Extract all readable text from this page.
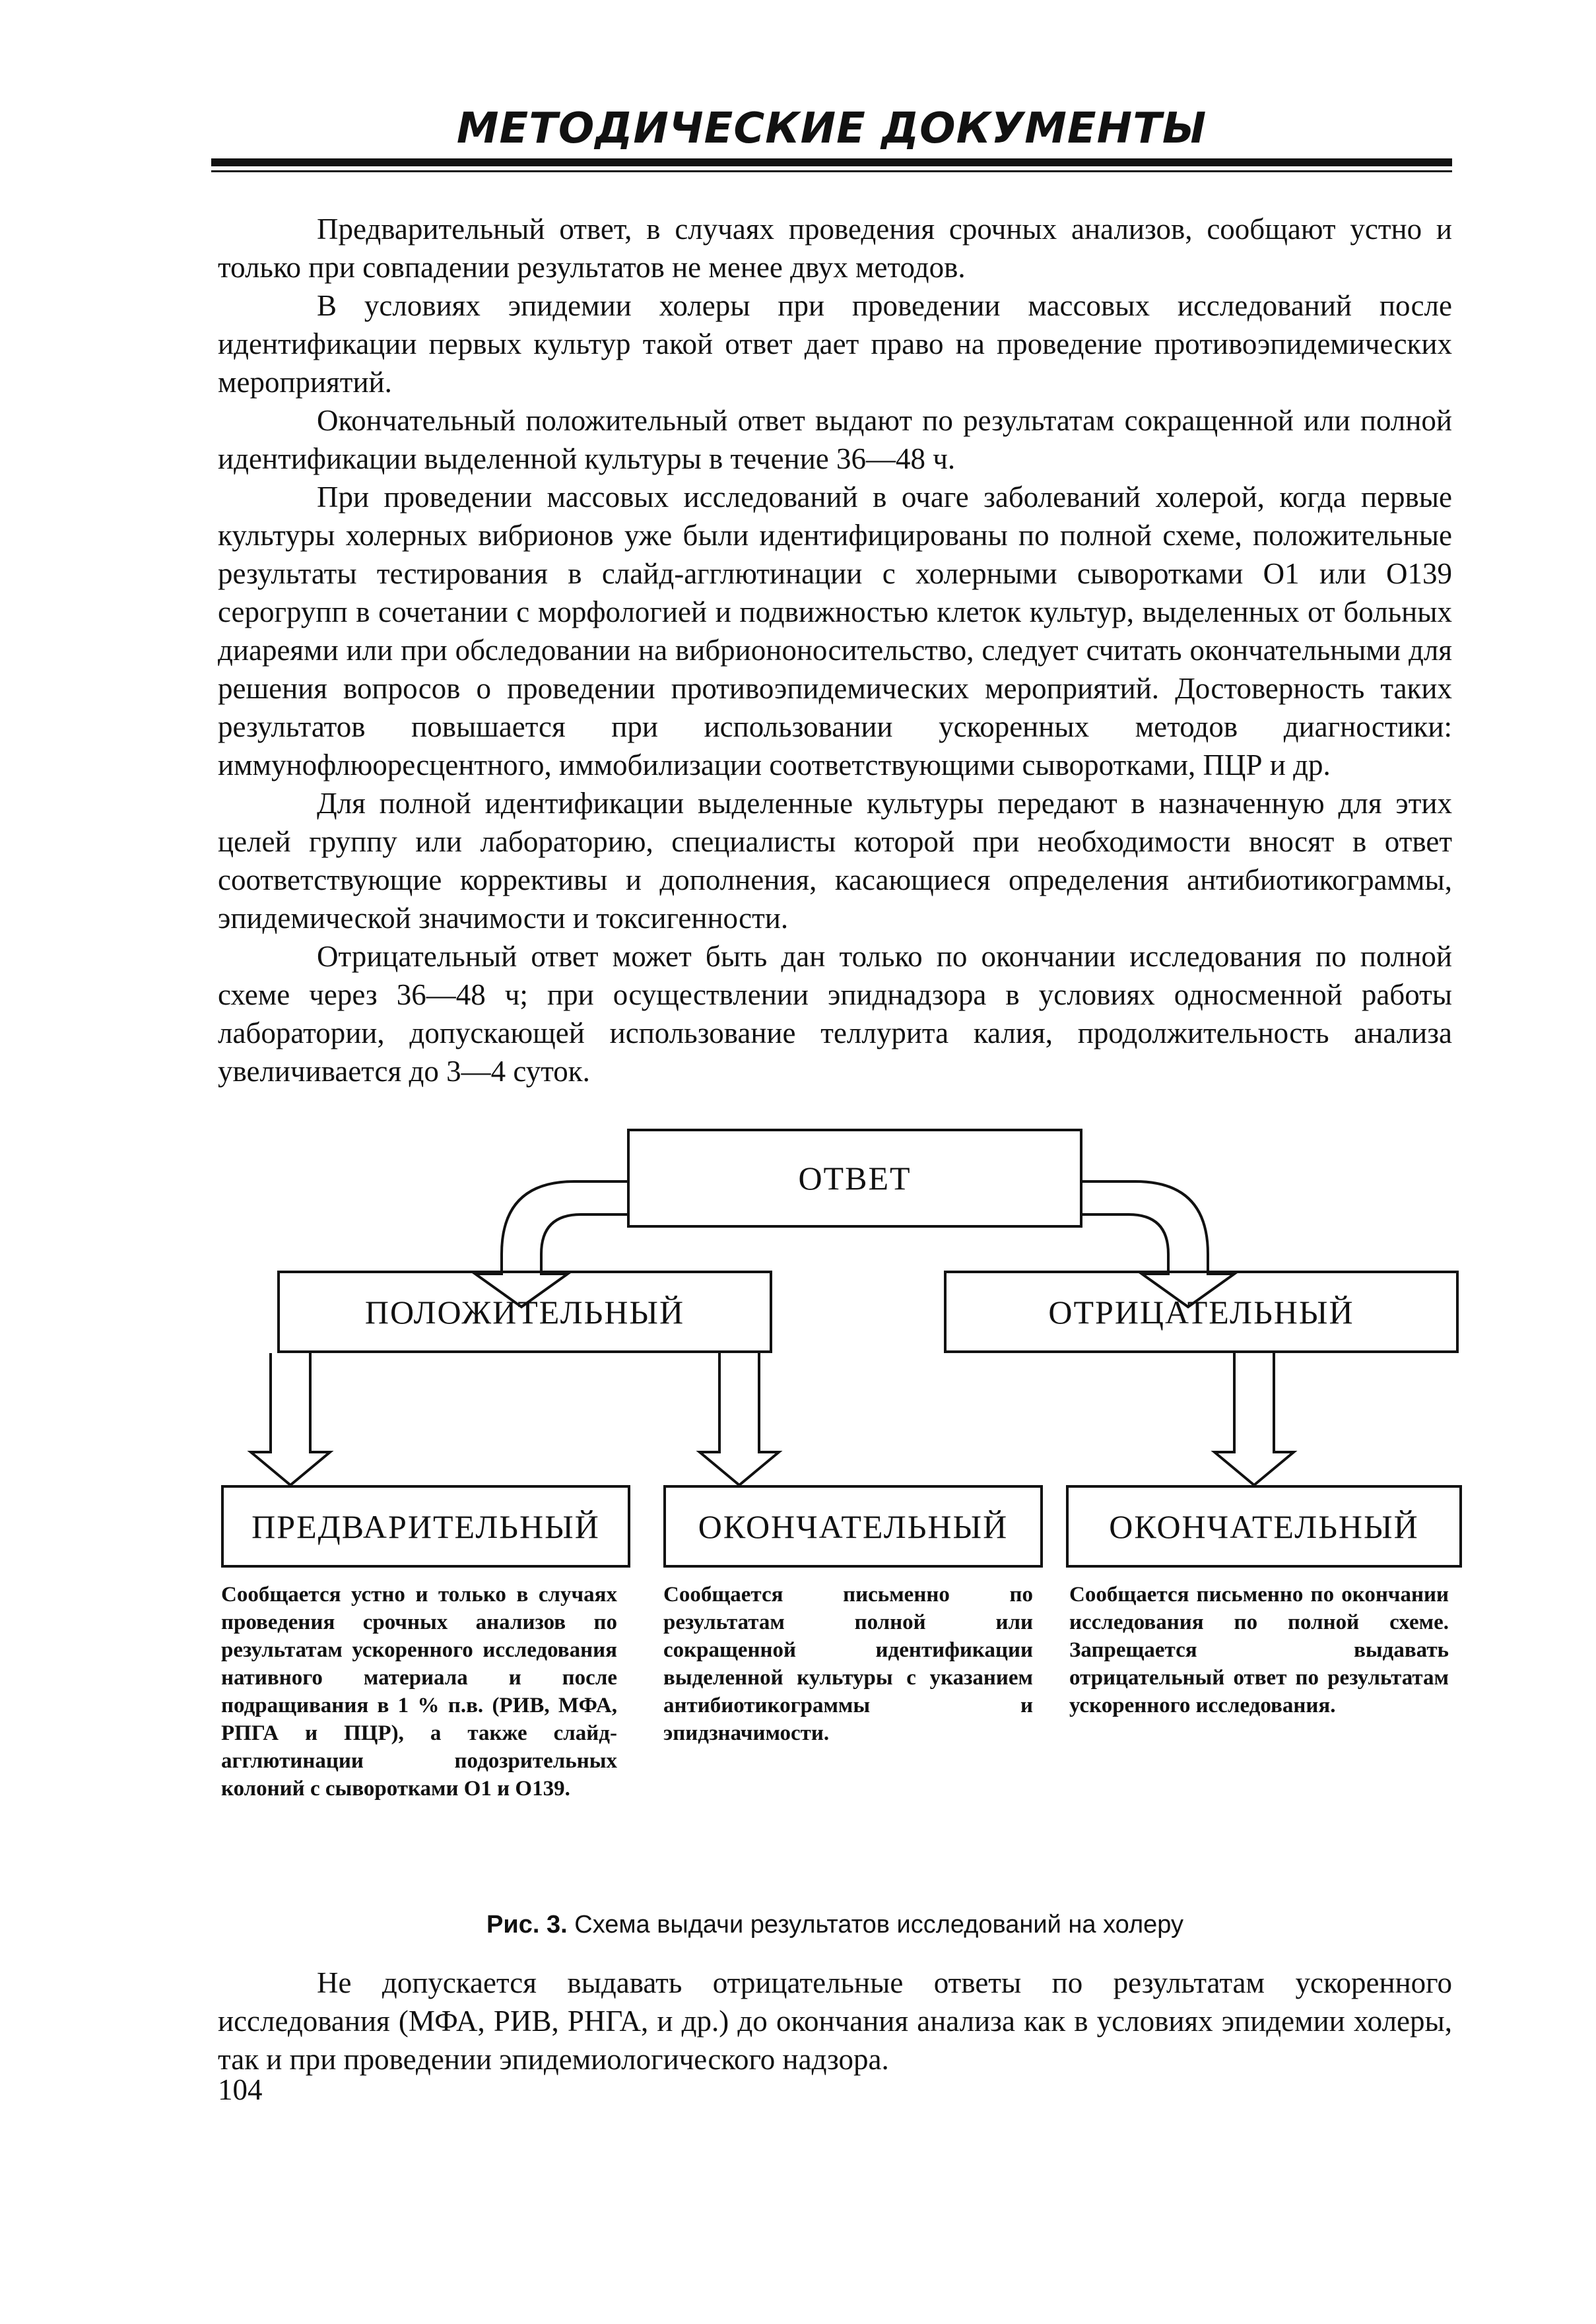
МЕТОДИЧЕСКИЕ ДОКУМЕНТЫ

Предварительный ответ, в случаях проведения срочных анализов, сообщают устно и только при совпадении результатов не менее двух методов.

В условиях эпидемии холеры при проведении массовых исследований после идентификации первых культур такой ответ дает право на проведение противоэпидемических мероприятий.

Окончательный положительный ответ выдают по результатам сокращенной или полной идентификации выделенной культуры в течение 36—48 ч.

При проведении массовых исследований в очаге заболеваний холерой, когда первые культуры холерных вибрионов уже были идентифицированы по полной схеме, положительные результаты тестирования в слайд-агглютинации с холерными сыворотками О1 или О139 серогрупп в сочетании с морфологией и подвижностью клеток культур, выделенных от больных диареями или при обследовании на вибриононосительство, следует считать окончательными для решения вопросов о проведении противоэпидемических мероприятий. Достоверность таких результатов повышается при использовании ускоренных методов диагностики: иммунофлюоресцентного, иммобилизации соответствующими сыворотками, ПЦР и др.

Для полной идентификации выделенные культуры передают в назначенную для этих целей группу или лабораторию, специалисты которой при необходимости вносят в ответ соответствующие коррективы и дополнения, касающиеся определения антибиотикограммы, эпидемической значимости и токсигенности.

Отрицательный ответ может быть дан только по окончании исследования по полной схеме через 36—48 ч; при осуществлении эпиднадзора в условиях односменной работы лаборатории, допускающей использование теллурита калия, продолжительность анализа увеличивается до 3—4 суток.

ОТВЕТ
ПОЛОЖИТЕЛЬНЫЙ	ОТРИЦАТЕЛЬНЫЙ
ПРЕДВАРИТЕЛЬНЫЙ	ОКОНЧАТЕЛЬНЫЙ	ОКОНЧАТЕЛЬНЫЙ
Сообщается устно и только в случаях проведения срочных анализов по результатам ускоренного исследования нативного материала и после подращивания в 1 % п.в. (РИВ, МФА, РПГА и ПЦР), а также слайд-агглютинации подозрительных колоний с сыворотками О1 и О139.
Сообщается письменно по результатам полной или сокращенной идентификации выделенной культуры с указанием антибиотикограммы и эпидзначимости.
Сообщается письменно по окончании исследования по полной схеме. Запрещается выдавать отрицательный ответ по результатам ускоренного исследования.
Рис. 3. Схема выдачи результатов исследований на холеру

Не допускается выдавать отрицательные ответы по результатам ускоренного исследования (МФА, РИВ, РНГА, и др.) до окончания анализа как в условиях эпидемии холеры, так и при проведении эпидемиологического надзора.

104
